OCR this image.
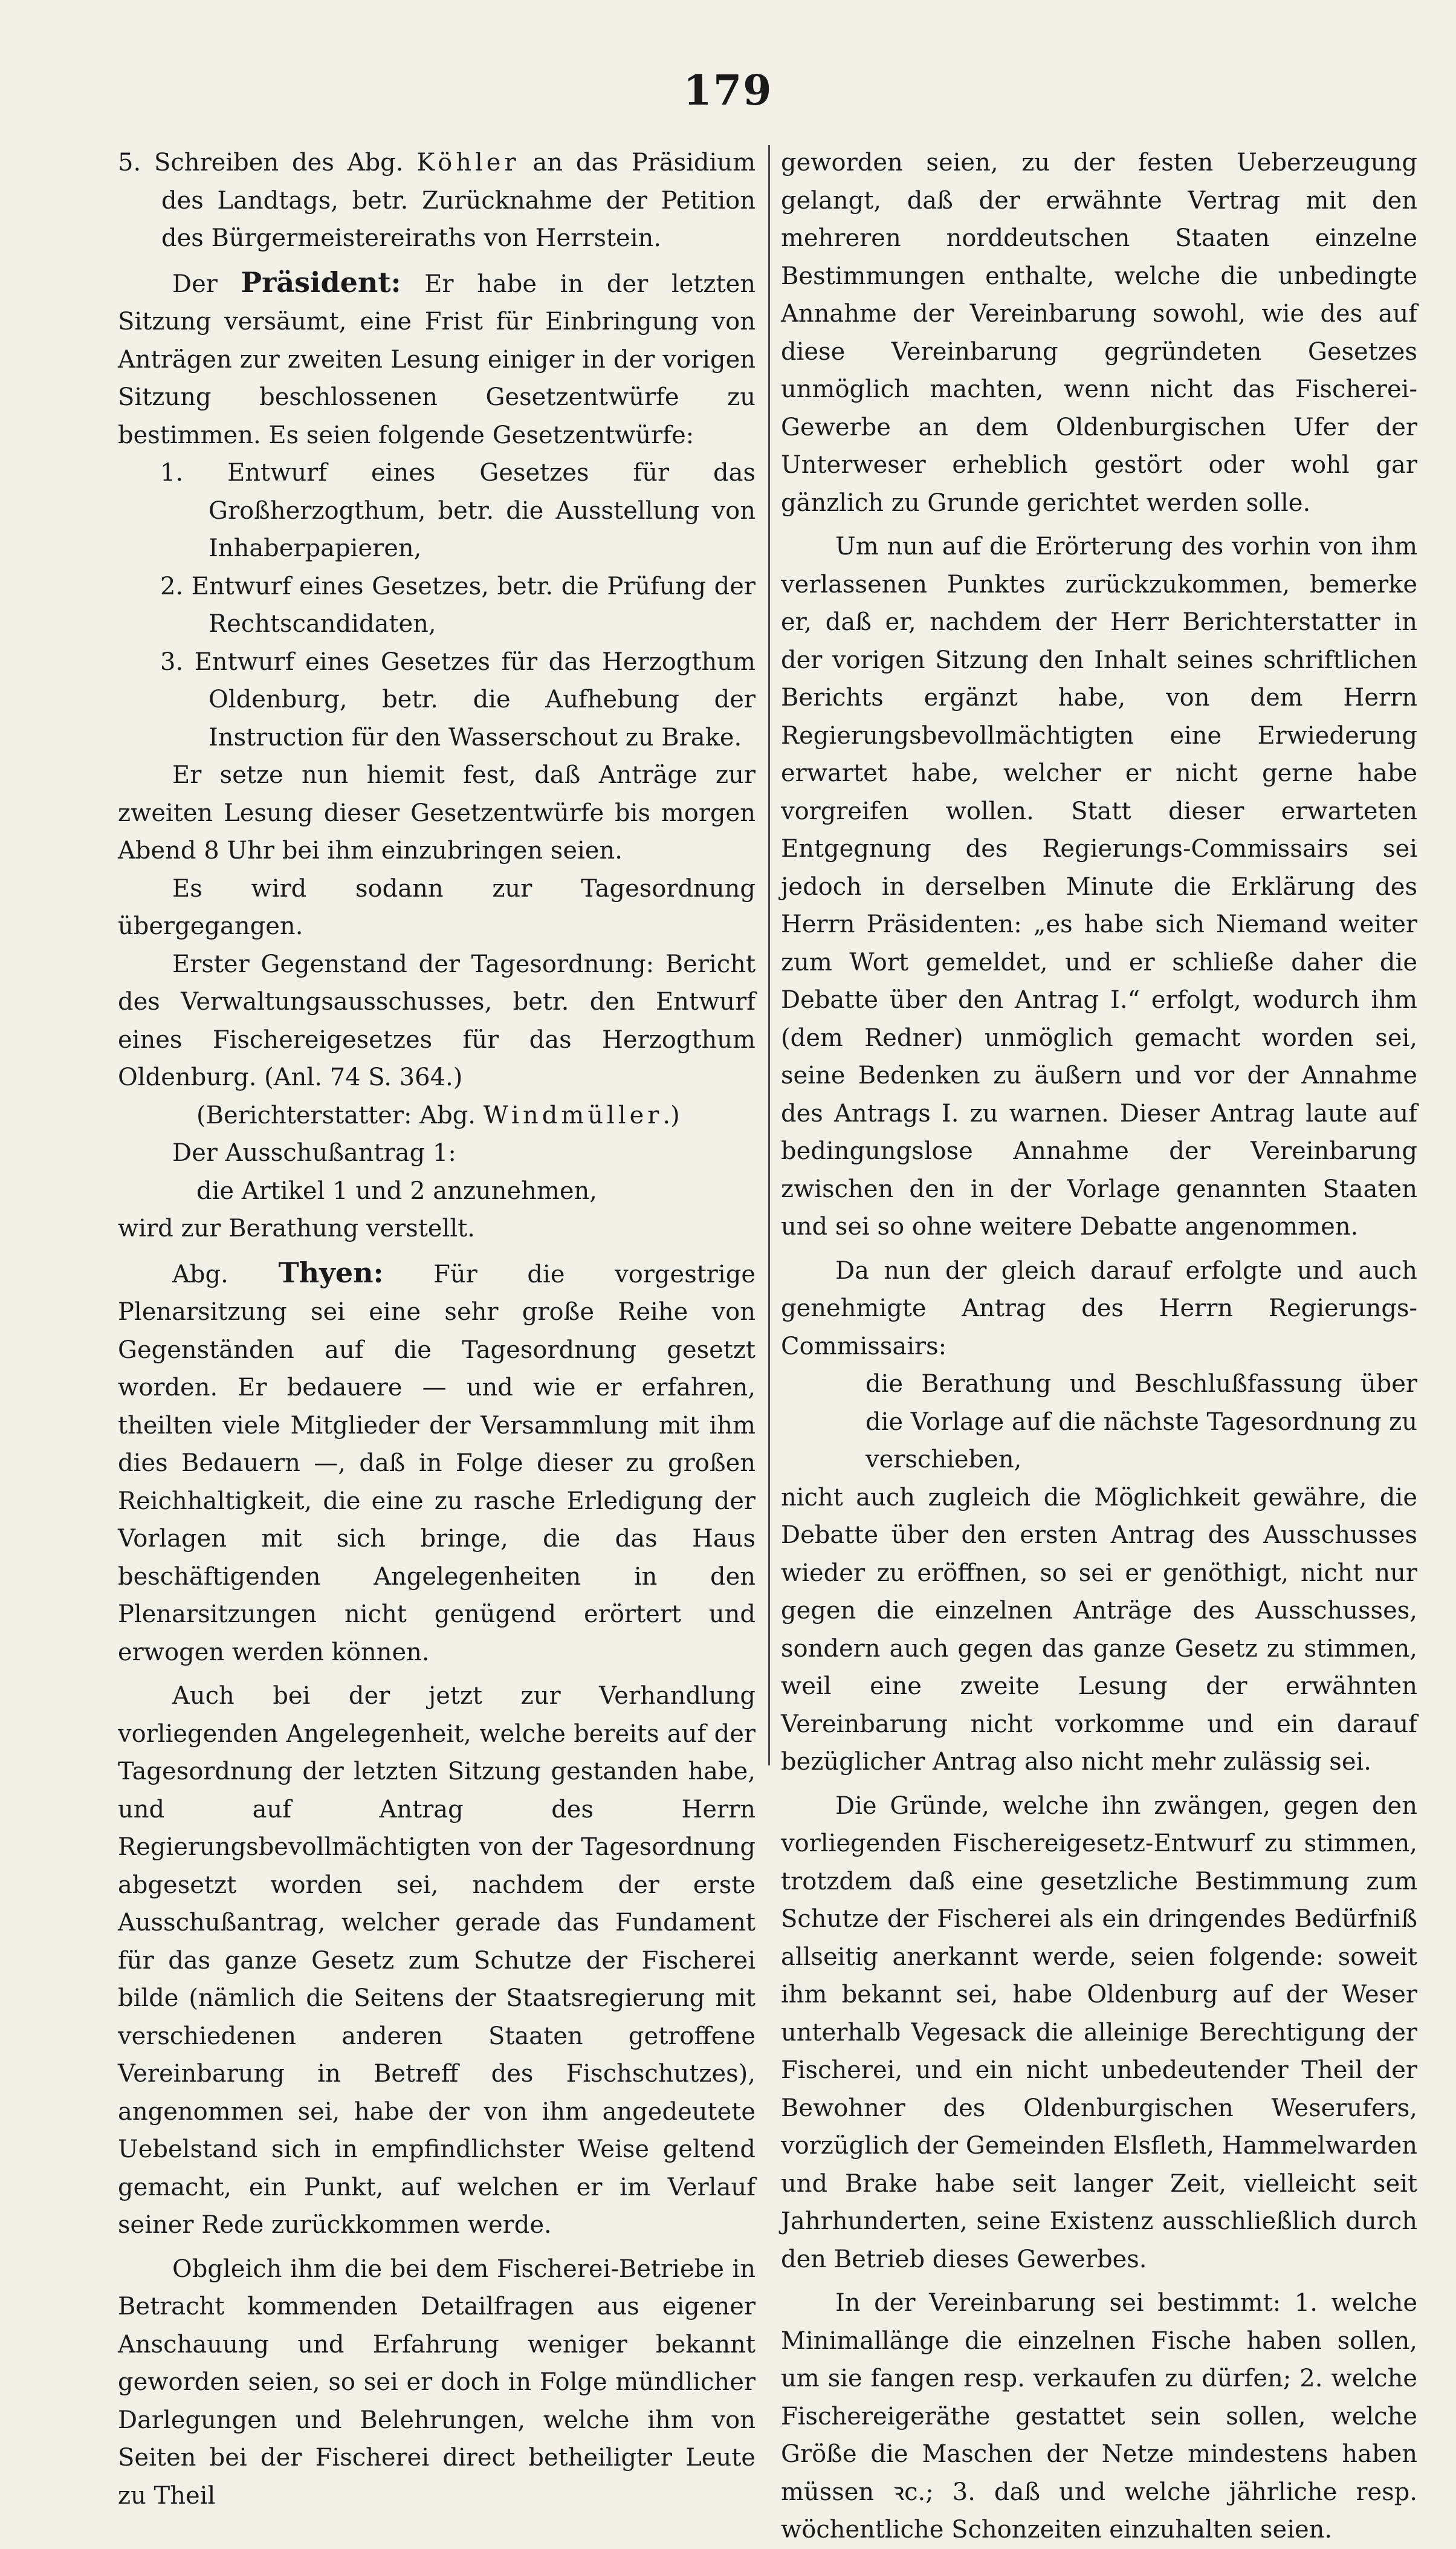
179

5. Schreiben des Abg. Köhler an das Präsidium des Landtags, betr. Zurücknahme der Petition des Bürgermeistereiraths von Herrstein.

Der Präsident: Er habe in der letzten Sitzung versäumt, eine Frist für Einbringung von Anträgen zur zweiten Lesung einiger in der vorigen Sitzung beschlossenen Gesetzentwürfe zu bestimmen. Es seien folgende Gesetzentwürfe:

1. Entwurf eines Gesetzes für das Großherzogthum, betr. die Ausstellung von Inhaberpapieren,

2. Entwurf eines Gesetzes, betr. die Prüfung der Rechtscandidaten,

3. Entwurf eines Gesetzes für das Herzogthum Oldenburg, betr. die Aufhebung der Instruction für den Wasserschout zu Brake.

Er setze nun hiemit fest, daß Anträge zur zweiten Lesung dieser Gesetzentwürfe bis morgen Abend 8 Uhr bei ihm einzubringen seien.

Es wird sodann zur Tagesordnung übergegangen.

Erster Gegenstand der Tagesordnung: Bericht des Verwaltungsausschusses, betr. den Entwurf eines Fischereigesetzes für das Herzogthum Oldenburg. (Anl. 74 S. 364.)

(Berichterstatter: Abg. Windmüller.)

Der Ausschußantrag 1:

die Artikel 1 und 2 anzunehmen,

wird zur Berathung verstellt.

Abg. Thyen: Für die vorgestrige Plenarsitzung sei eine sehr große Reihe von Gegenständen auf die Tagesordnung gesetzt worden. Er bedauere — und wie er erfahren, theilten viele Mitglieder der Versammlung mit ihm dies Bedauern —, daß in Folge dieser zu großen Reichhaltigkeit, die eine zu rasche Erledigung der Vorlagen mit sich bringe, die das Haus beschäftigenden Angelegenheiten in den Plenarsitzungen nicht genügend erörtert und erwogen werden können.

Auch bei der jetzt zur Verhandlung vorliegenden Angelegenheit, welche bereits auf der Tagesordnung der letzten Sitzung gestanden habe, und auf Antrag des Herrn Regierungsbevollmächtigten von der Tagesordnung abgesetzt worden sei, nachdem der erste Ausschußantrag, welcher gerade das Fundament für das ganze Gesetz zum Schutze der Fischerei bilde (nämlich die Seitens der Staatsregierung mit verschiedenen anderen Staaten getroffene Vereinbarung in Betreff des Fischschutzes), angenommen sei, habe der von ihm angedeutete Uebelstand sich in empfindlichster Weise geltend gemacht, ein Punkt, auf welchen er im Verlauf seiner Rede zurückkommen werde.

Obgleich ihm die bei dem Fischerei-Betriebe in Betracht kommenden Detailfragen aus eigener Anschauung und Erfahrung weniger bekannt geworden seien, so sei er doch in Folge mündlicher Darlegungen und Belehrungen, welche ihm von Seiten bei der Fischerei direct betheiligter Leute zu Theil

geworden seien, zu der festen Ueberzeugung gelangt, daß der erwähnte Vertrag mit den mehreren norddeutschen Staaten einzelne Bestimmungen enthalte, welche die unbedingte Annahme der Vereinbarung sowohl, wie des auf diese Vereinbarung gegründeten Gesetzes unmöglich machten, wenn nicht das Fischerei-Gewerbe an dem Oldenburgischen Ufer der Unterweser erheblich gestört oder wohl gar gänzlich zu Grunde gerichtet werden solle.

Um nun auf die Erörterung des vorhin von ihm verlassenen Punktes zurückzukommen, bemerke er, daß er, nachdem der Herr Berichterstatter in der vorigen Sitzung den Inhalt seines schriftlichen Berichts ergänzt habe, von dem Herrn Regierungsbevollmächtigten eine Erwiederung erwartet habe, welcher er nicht gerne habe vorgreifen wollen. Statt dieser erwarteten Entgegnung des Regierungs-Commissairs sei jedoch in derselben Minute die Erklärung des Herrn Präsidenten: „es habe sich Niemand weiter zum Wort gemeldet, und er schließe daher die Debatte über den Antrag I.“ erfolgt, wodurch ihm (dem Redner) unmöglich gemacht worden sei, seine Bedenken zu äußern und vor der Annahme des Antrags I. zu warnen. Dieser Antrag laute auf bedingungslose Annahme der Vereinbarung zwischen den in der Vorlage genannten Staaten und sei so ohne weitere Debatte angenommen.

Da nun der gleich darauf erfolgte und auch genehmigte Antrag des Herrn Regierungs-Commissairs:

die Berathung und Beschlußfassung über die Vorlage auf die nächste Tagesordnung zu verschieben,

nicht auch zugleich die Möglichkeit gewähre, die Debatte über den ersten Antrag des Ausschusses wieder zu eröffnen, so sei er genöthigt, nicht nur gegen die einzelnen Anträge des Ausschusses, sondern auch gegen das ganze Gesetz zu stimmen, weil eine zweite Lesung der erwähnten Vereinbarung nicht vorkomme und ein darauf bezüglicher Antrag also nicht mehr zulässig sei.

Die Gründe, welche ihn zwängen, gegen den vorliegenden Fischereigesetz-Entwurf zu stimmen, trotzdem daß eine gesetzliche Bestimmung zum Schutze der Fischerei als ein dringendes Bedürfniß allseitig anerkannt werde, seien folgende: soweit ihm bekannt sei, habe Oldenburg auf der Weser unterhalb Vegesack die alleinige Berechtigung der Fischerei, und ein nicht unbedeutender Theil der Bewohner des Oldenburgischen Weserufers, vorzüglich der Gemeinden Elsfleth, Hammelwarden und Brake habe seit langer Zeit, vielleicht seit Jahrhunderten, seine Existenz ausschließlich durch den Betrieb dieses Gewerbes.

In der Vereinbarung sei bestimmt: 1. welche Minimallänge die einzelnen Fische haben sollen, um sie fangen resp. verkaufen zu dürfen; 2. welche Fischereigeräthe gestattet sein sollen, welche Größe die Maschen der Netze mindestens haben müssen ꝛc.; 3. daß und welche jährliche resp. wöchentliche Schonzeiten einzuhalten seien.
